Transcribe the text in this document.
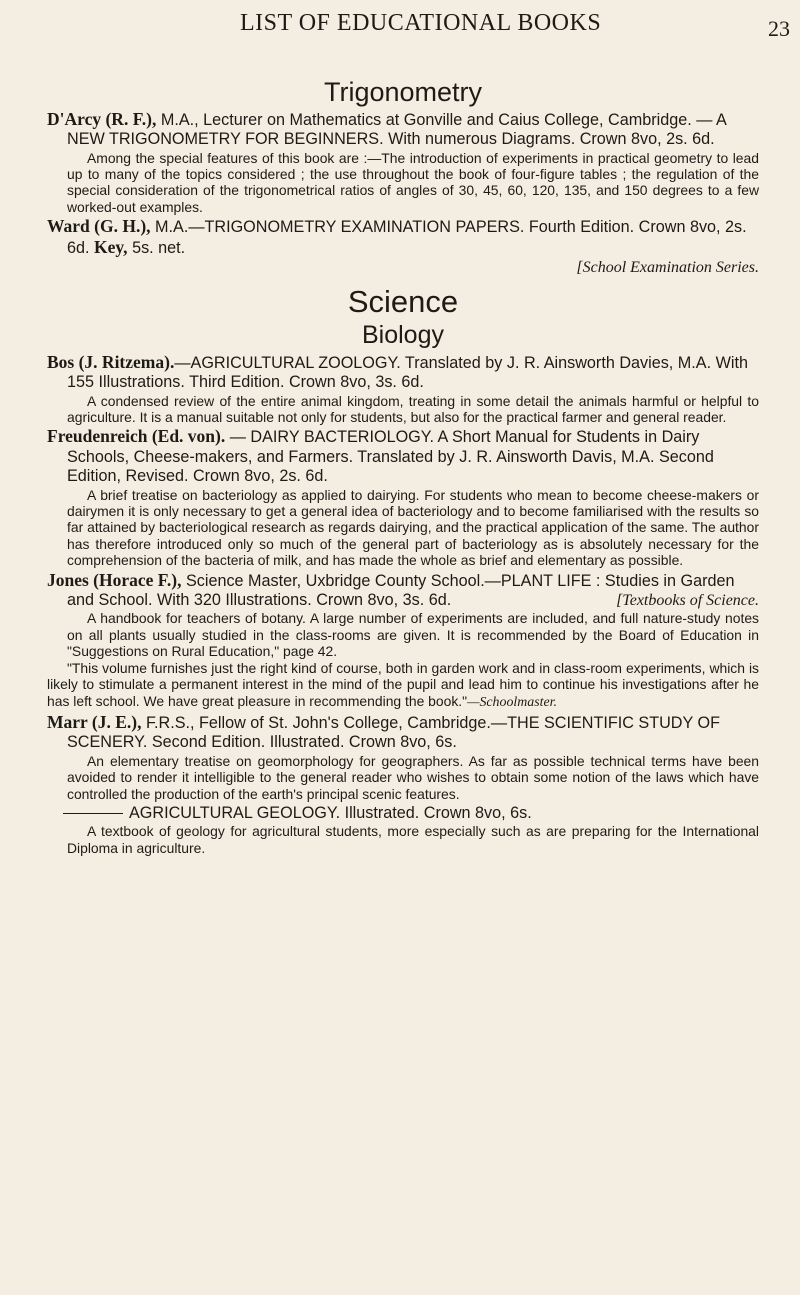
LIST OF EDUCATIONAL BOOKS	23
Trigonometry
D'Arcy (R. F.), M.A., Lecturer on Mathematics at Gonville and Caius College, Cambridge. — A NEW TRIGONOMETRY FOR BEGINNERS. With numerous Diagrams. Crown 8vo, 2s. 6d.
Among the special features of this book are :—The introduction of experiments in practical geometry to lead up to many of the topics considered ; the use throughout the book of four-figure tables ; the regulation of the special consideration of the trigonometrical ratios of angles of 30, 45, 60, 120, 135, and 150 degrees to a few worked-out examples.
Ward (G. H.), M.A.—TRIGONOMETRY EXAMINATION PAPERS. Fourth Edition. Crown 8vo, 2s. 6d. Key, 5s. net.
[School Examination Series.
Science
Biology
Bos (J. Ritzema).—AGRICULTURAL ZOOLOGY. Translated by J. R. Ainsworth Davies, M.A. With 155 Illustrations. Third Edition. Crown 8vo, 3s. 6d.
A condensed review of the entire animal kingdom, treating in some detail the animals harmful or helpful to agriculture. It is a manual suitable not only for students, but also for the practical farmer and general reader.
Freudenreich (Ed. von). — DAIRY BACTERIOLOGY. A Short Manual for Students in Dairy Schools, Cheese-makers, and Farmers. Translated by J. R. Ainsworth Davis, M.A. Second Edition, Revised. Crown 8vo, 2s. 6d.
A brief treatise on bacteriology as applied to dairying. For students who mean to become cheese-makers or dairymen it is only necessary to get a general idea of bacteriology and to become familiarised with the results so far attained by bacteriological research as regards dairying, and the practical application of the same. The author has therefore introduced only so much of the general part of bacteriology as is absolutely necessary for the comprehension of the bacteria of milk, and has made the whole as brief and elementary as possible.
Jones (Horace F.), Science Master, Uxbridge County School.—PLANT LIFE : Studies in Garden and School. With 320 Illustrations. Crown 8vo, 3s. 6d.	[Textbooks of Science.
A handbook for teachers of botany. A large number of experiments are included, and full nature-study notes on all plants usually studied in the class-rooms are given. It is recommended by the Board of Education in "Suggestions on Rural Education," page 42.
"This volume furnishes just the right kind of course, both in garden work and in class-room experiments, which is likely to stimulate a permanent interest in the mind of the pupil and lead him to continue his investigations after he has left school. We have great pleasure in recommending the book."—Schoolmaster.
Marr (J. E.), F.R.S., Fellow of St. John's College, Cambridge.—THE SCIENTIFIC STUDY OF SCENERY. Second Edition. Illustrated. Crown 8vo, 6s.
An elementary treatise on geomorphology for geographers. As far as possible technical terms have been avoided to render it intelligible to the general reader who wishes to obtain some notion of the laws which have controlled the production of the earth's principal scenic features.
AGRICULTURAL GEOLOGY. Illustrated. Crown 8vo, 6s.
A textbook of geology for agricultural students, more especially such as are preparing for the International Diploma in agriculture.
